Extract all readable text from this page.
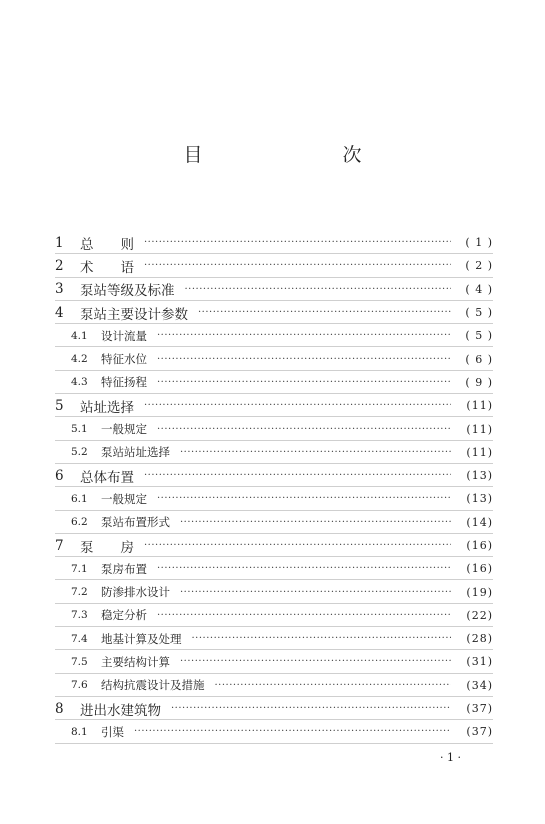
目　　次
1	总　　则 ·····	( 1 )
2	术　　语 ·····	( 2 )
3	泵站等级及标准 ·····	( 4 )
4	泵站主要设计参数 ·····	( 5 )
4.1	设计流量 ·····	( 5 )
4.2	特征水位 ·····	( 6 )
4.3	特征扬程 ·····	( 9 )
5	站址选择 ·····	(11)
5.1	一般规定 ·····	(11)
5.2	泵站站址选择 ·····	(11)
6	总体布置 ·····	(13)
6.1	一般规定 ·····	(13)
6.2	泵站布置形式 ·····	(14)
7	泵　　房 ·····	(16)
7.1	泵房布置 ·····	(16)
7.2	防渗排水设计 ·····	(19)
7.3	稳定分析 ·····	(22)
7.4	地基计算及处理 ·····	(28)
7.5	主要结构计算 ·····	(31)
7.6	结构抗震设计及措施 ·····	(34)
8	进出水建筑物 ·····	(37)
8.1	引渠 ·····	(37)
· 1 ·
